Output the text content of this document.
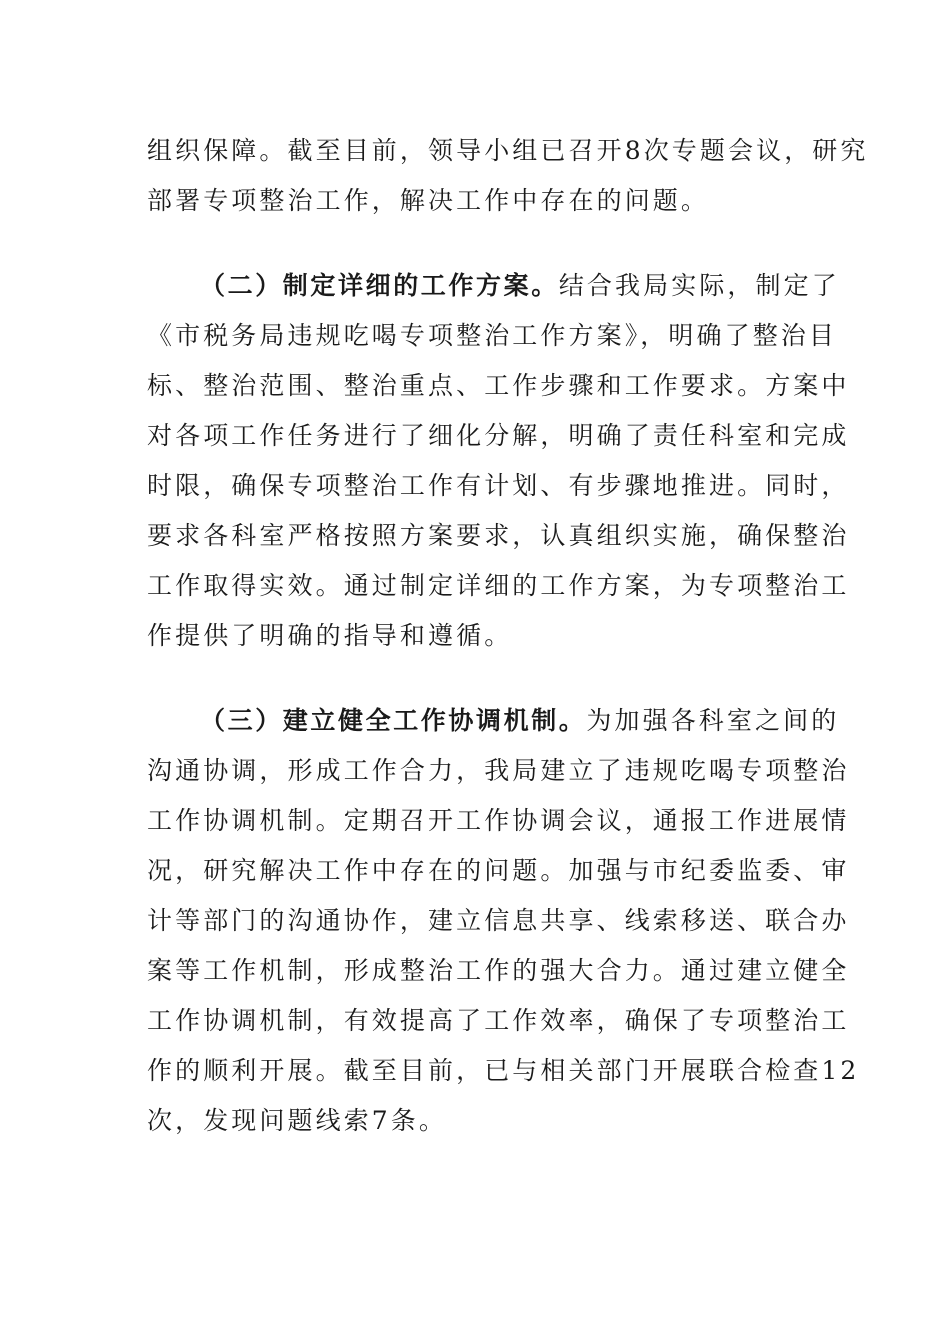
组织保障。截至目前，领导小组已召开8次专题会议，研究
部署专项整治工作，解决工作中存在的问题。
（二）制定详细的工作方案。结合我局实际，制定了
《市税务局违规吃喝专项整治工作方案》，明确了整治目
标、整治范围、整治重点、工作步骤和工作要求。方案中
对各项工作任务进行了细化分解，明确了责任科室和完成
时限，确保专项整治工作有计划、有步骤地推进。同时，
要求各科室严格按照方案要求，认真组织实施，确保整治
工作取得实效。通过制定详细的工作方案，为专项整治工
作提供了明确的指导和遵循。
（三）建立健全工作协调机制。为加强各科室之间的
沟通协调，形成工作合力，我局建立了违规吃喝专项整治
工作协调机制。定期召开工作协调会议，通报工作进展情
况，研究解决工作中存在的问题。加强与市纪委监委、审
计等部门的沟通协作，建立信息共享、线索移送、联合办
案等工作机制，形成整治工作的强大合力。通过建立健全
工作协调机制，有效提高了工作效率，确保了专项整治工
作的顺利开展。截至目前，已与相关部门开展联合检查12
次，发现问题线索7条。
